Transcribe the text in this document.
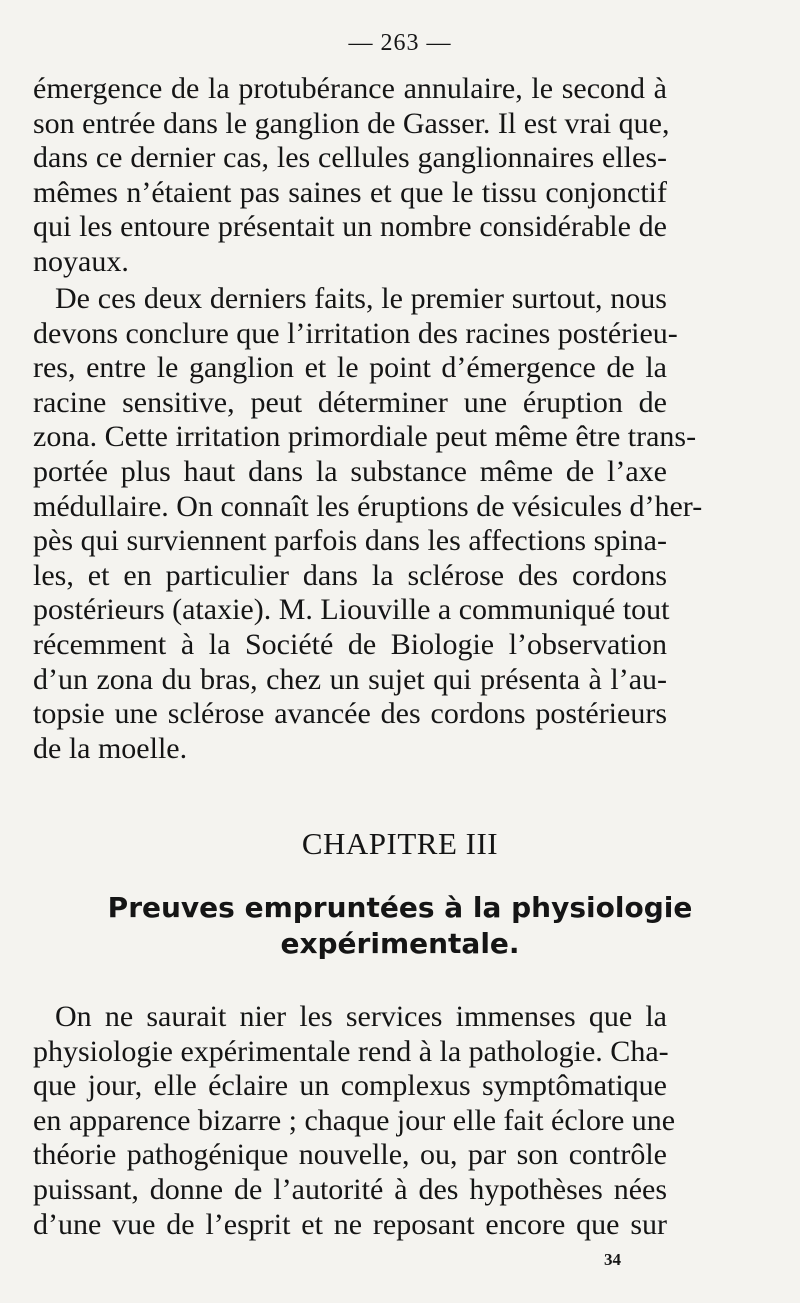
— 263 —
émergence de la protubérance annulaire, le second à
son entrée dans le ganglion de Gasser. Il est vrai que,
dans ce dernier cas, les cellules ganglionnaires elles-
mêmes n’étaient pas saines et que le tissu conjonctif
qui les entoure présentait un nombre considérable de
noyaux.
De ces deux derniers faits, le premier surtout, nous
devons conclure que l’irritation des racines postérieu-
res, entre le ganglion et le point d’émergence de la
racine sensitive, peut déterminer une éruption de
zona. Cette irritation primordiale peut même être trans-
portée plus haut dans la substance même de l’axe
médullaire. On connaît les éruptions de vésicules d’her-
pès qui surviennent parfois dans les affections spina-
les, et en particulier dans la sclérose des cordons
postérieurs (ataxie). M. Liouville a communiqué tout
récemment à la Société de Biologie l’observation
d’un zona du bras, chez un sujet qui présenta à l’au-
topsie une sclérose avancée des cordons postérieurs
de la moelle.
CHAPITRE III
Preuves empruntées à la physiologie
expérimentale.
On ne saurait nier les services immenses que la
physiologie expérimentale rend à la pathologie. Cha-
que jour, elle éclaire un complexus symptômatique
en apparence bizarre ; chaque jour elle fait éclore une
théorie pathogénique nouvelle, ou, par son contrôle
puissant, donne de l’autorité à des hypothèses nées
d’une vue de l’esprit et ne reposant encore que sur
34
